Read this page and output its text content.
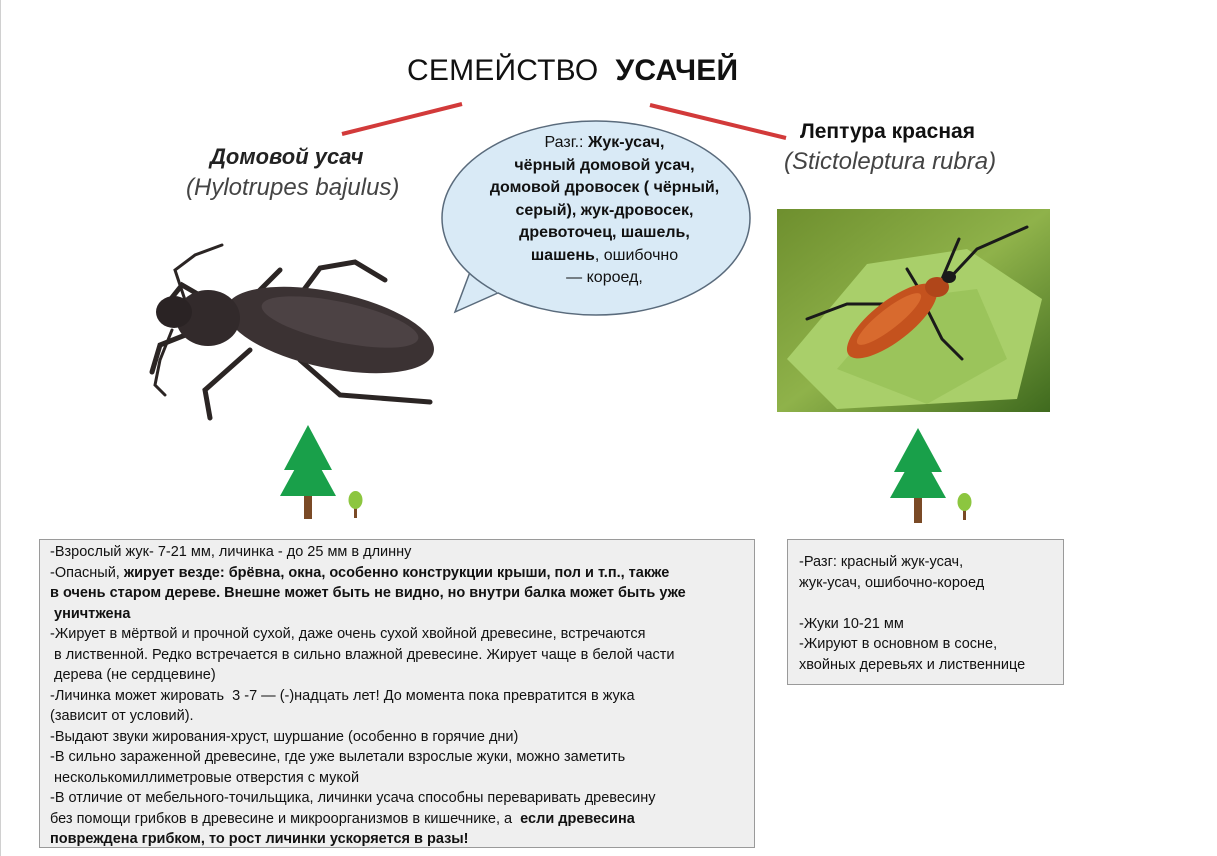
СЕМЕЙСТВО УСАЧЕЙ
Домовой усач
(Hylotrupes bajulus)
Лептура красная
(Stictoleptura rubra)
Разг.: Жук-усач,
чёрный домовой усач,
домовой дровосек ( чёрный,
серый), жук-дровосек,
древоточец, шашель,
шашень, ошибочно
— короед,

-Взрослый жук- 7-21 мм, личинка - до 25 мм в длинну

-Опасный, жирует везде: брёвна, окна, особенно конструкции крыши, пол и т.п., также

в очень старом дереве. Внешне может быть не видно, но внутри балка может быть уже

уничтжена

-Жирует в мёртвой и прочной сухой, даже очень сухой хвойной древесине, встречаются

в лиственной. Редко встречается в сильно влажной древесине. Жирует чаще в белой части

дерева (не сердцевине)

-Личинка может жировать  3 -7 — (-)надцать лет! До момента пока превратится в жука

(зависит от условий).

-Выдают звуки жирования-хруст, шуршание (особенно в горячие дни)

-В сильно зараженной древесине, где уже вылетали взрослые жуки, можно заметить

несколькомиллиметровые отверстия с мукой

-В отличие от мебельного-точильщика, личинки усача способны переваривать древесину

без помощи грибков в древесине и микроорганизмов в кишечнике, а  если древесина

повреждена грибком, то рост личинки ускоряется в разы!

-Разг: красный жук-усач,

жук-усач, ошибочно-короед

-Жуки 10-21 мм

-Жируют в основном в сосне,

хвойных деревьях и лиственнице
